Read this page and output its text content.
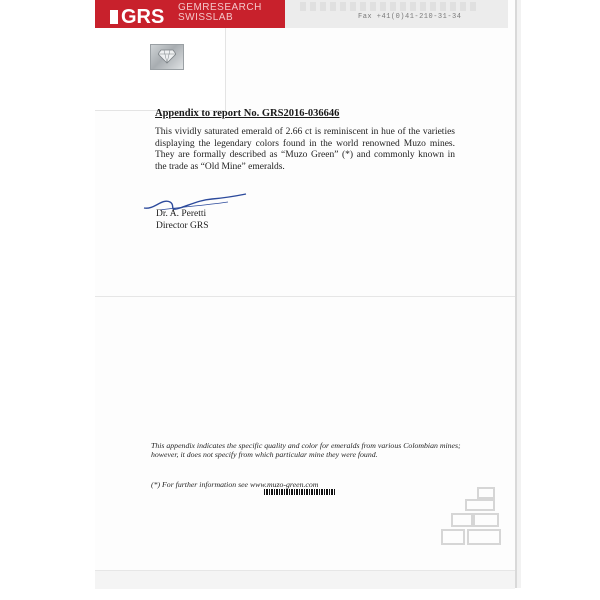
GRS GEMRESEARCH
SWISSLAB	Fax +41(0)41-210-31-34
Appendix to report No. GRS2016-036646
This vividly saturated emerald of 2.66 ct is reminiscent in hue of the varieties displaying the legendary colors found in the world renowned Muzo mines. They are formally described as “Muzo Green” (*) and commonly known in the trade as “Old Mine” emeralds.
Dr. A. Peretti
Director GRS
This appendix indicates the specific quality and color for emeralds from various Colombian mines; however, it does not specify from which particular mine they were found.
(*) For further information see www.muzo-green.com
